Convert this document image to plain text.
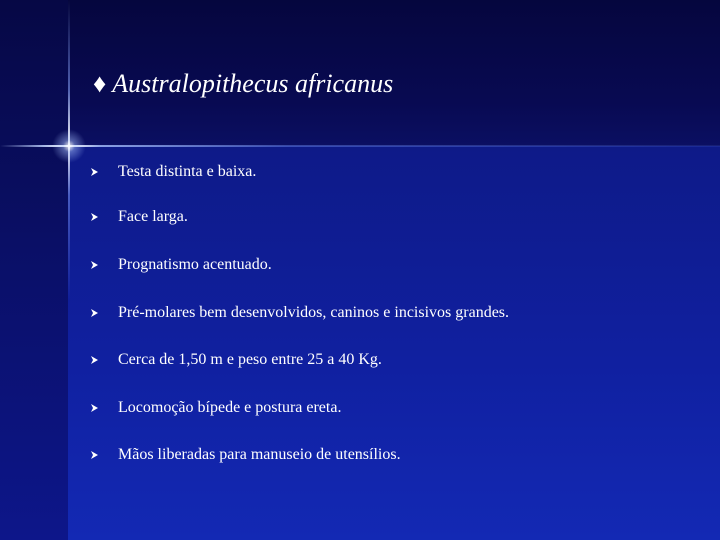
♦ Australopithecus africanus
Testa distinta e baixa.
Face larga.
Prognatismo acentuado.
Pré-molares bem desenvolvidos, caninos e incisivos grandes.
Cerca de 1,50 m e peso entre 25 a 40 Kg.
Locomoção bípede e postura ereta.
Mãos liberadas para manuseio de utensílios.
